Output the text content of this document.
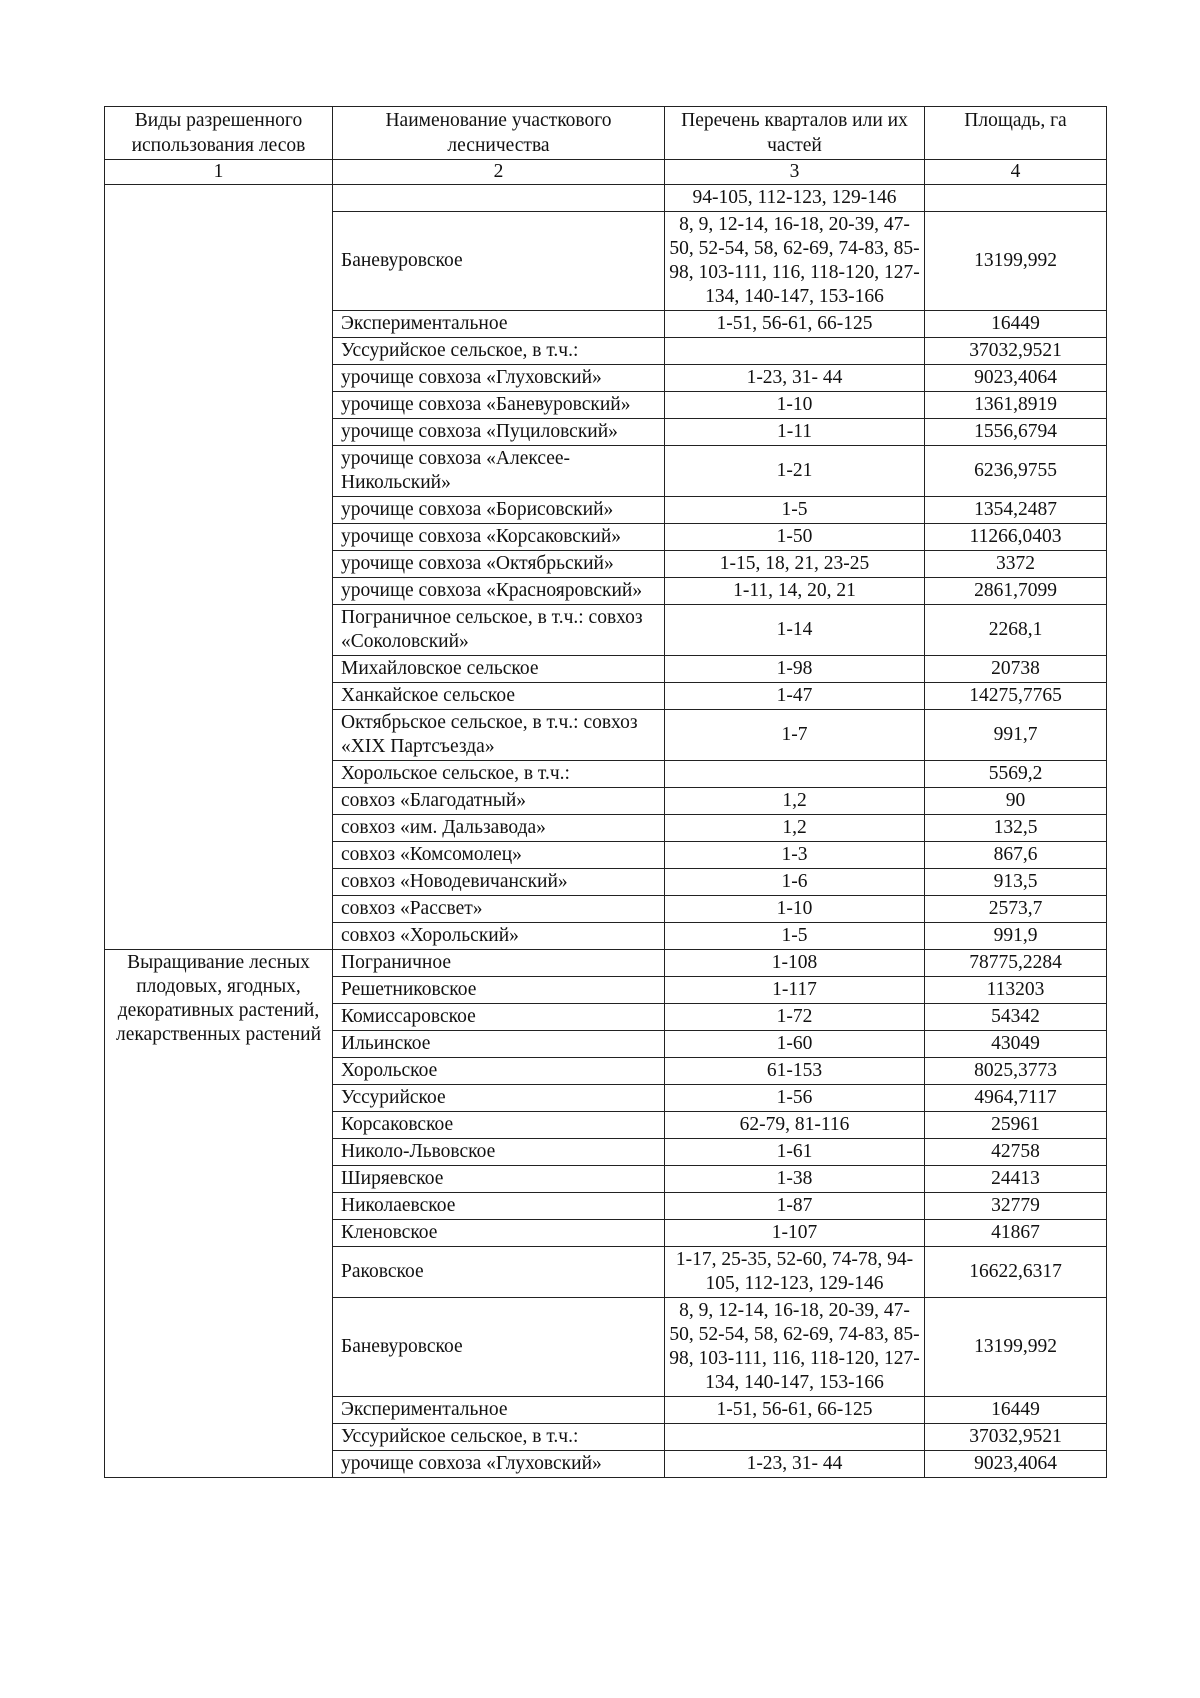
Виды разрешенного использования лесов	Наименование участкового лесничества	Перечень кварталов или их частей	Площадь, га
1	2	3	4
		94-105, 112-123, 129-146	
	Баневуровское	8, 9, 12-14, 16-18, 20-39, 47-50, 52-54, 58, 62-69, 74-83, 85-98, 103-111, 116, 118-120, 127-134, 140-147, 153-166	13199,992
	Экспериментальное	1-51, 56-61, 66-125	16449
	Уссурийское сельское, в т.ч.:		37032,9521
	урочище совхоза «Глуховский»	1-23, 31- 44	9023,4064
	урочище совхоза «Баневуровский»	1-10	1361,8919
	урочище совхоза «Пуциловский»	1-11	1556,6794
	урочище совхоза «Алексее-Никольский»	1-21	6236,9755
	урочище совхоза «Борисовский»	1-5	1354,2487
	урочище совхоза «Корсаковский»	1-50	11266,0403
	урочище совхоза «Октябрьский»	1-15, 18, 21, 23-25	3372
	урочище совхоза «Краснояровский»	1-11, 14, 20, 21	2861,7099
	Пограничное сельское, в т.ч.: совхоз «Соколовский»	1-14	2268,1
	Михайловское сельское	1-98	20738
	Ханкайское сельское	1-47	14275,7765
	Октябрьское сельское, в т.ч.: совхоз «XIX Партсъезда»	1-7	991,7
	Хорольское сельское, в т.ч.:		5569,2
	совхоз «Благодатный»	1,2	90
	совхоз «им. Дальзавода»	1,2	132,5
	совхоз «Комсомолец»	1-3	867,6
	совхоз «Новодевичанский»	1-6	913,5
	совхоз «Рассвет»	1-10	2573,7
	совхоз «Хорольский»	1-5	991,9
Выращивание лесных плодовых, ягодных, декоративных растений, лекарственных растений	Пограничное	1-108	78775,2284
	Решетниковское	1-117	113203
	Комиссаровское	1-72	54342
	Ильинское	1-60	43049
	Хорольское	61-153	8025,3773
	Уссурийское	1-56	4964,7117
	Корсаковское	62-79, 81-116	25961
	Николо-Львовское	1-61	42758
	Ширяевское	1-38	24413
	Николаевское	1-87	32779
	Кленовское	1-107	41867
	Раковское	1-17, 25-35, 52-60, 74-78, 94-105, 112-123, 129-146	16622,6317
	Баневуровское	8, 9, 12-14, 16-18, 20-39, 47-50, 52-54, 58, 62-69, 74-83, 85-98, 103-111, 116, 118-120, 127-134, 140-147, 153-166	13199,992
	Экспериментальное	1-51, 56-61, 66-125	16449
	Уссурийское сельское, в т.ч.:		37032,9521
	урочище совхоза «Глуховский»	1-23, 31- 44	9023,4064
